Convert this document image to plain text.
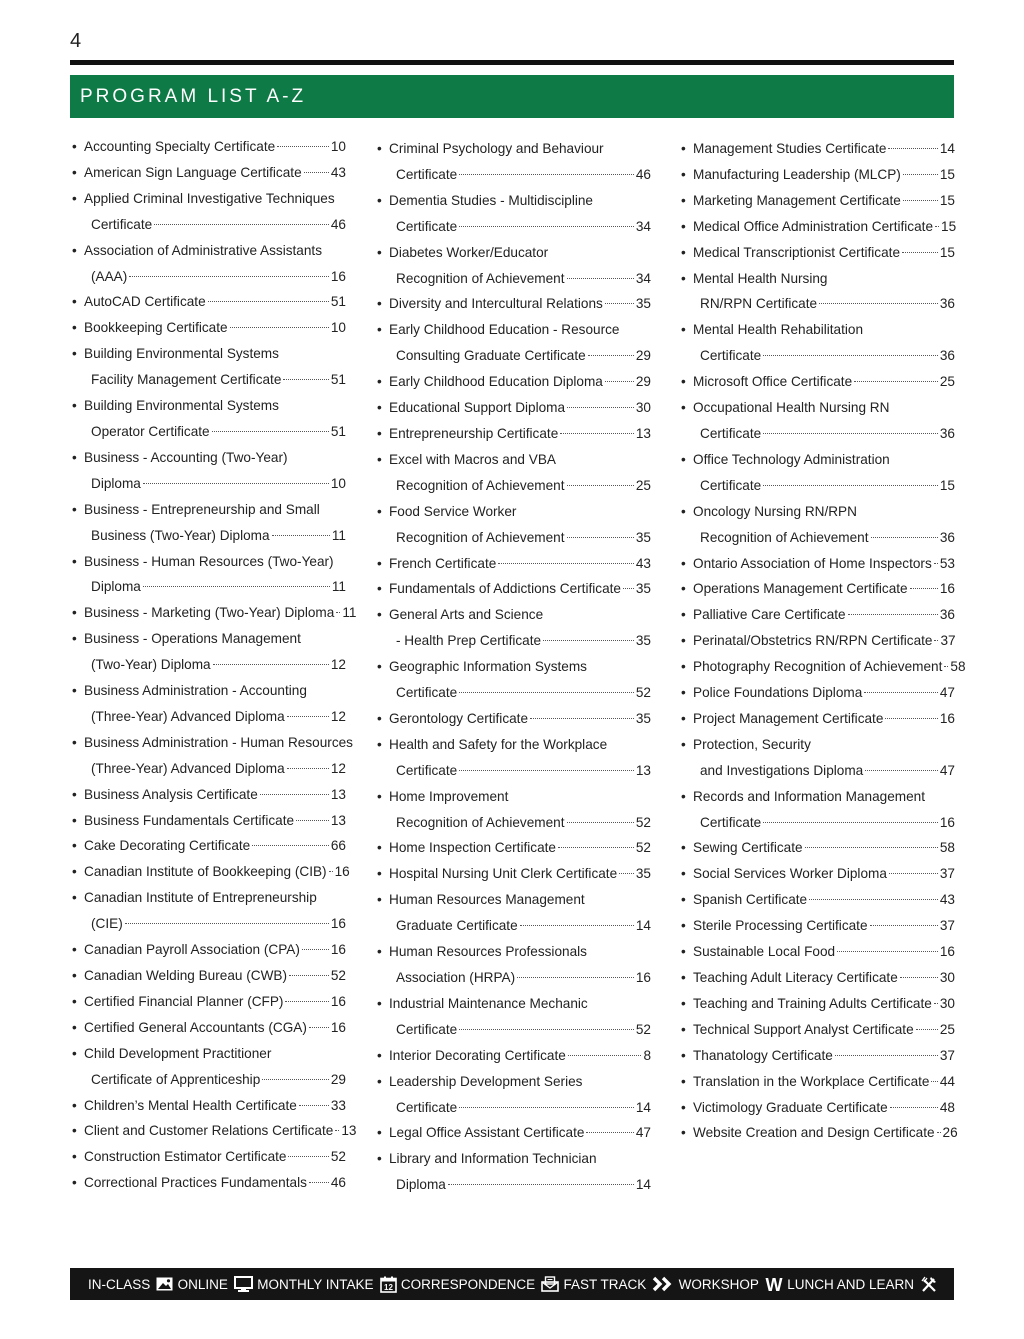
4
PROGRAM LIST A-Z
• Accounting Specialty Certificate	10
• American Sign Language Certificate 43
• Applied Criminal Investigative Techniques
Certificate	46
• Association of Administrative Assistants
(AAA)	16
• AutoCAD Certificate	51
• Bookkeeping Certificate	10
• Building Environmental Systems
Facility Management Certificate	51
• Building Environmental Systems
Operator Certificate	51
• Business - Accounting (Two-Year)
Diploma	10
• Business - Entrepreneurship and Small
Business (Two-Year) Diploma	11
• Business - Human Resources (Two-Year)
Diploma	11
• Business - Marketing (Two-Year) Diploma 11
• Business - Operations Management
(Two-Year) Diploma	12
• Business Administration - Accounting
(Three-Year) Advanced Diploma	12
• Business Administration - Human Resources
(Three-Year) Advanced Diploma	12
• Business Analysis Certificate	13
• Business Fundamentals Certificate	13
• Cake Decorating Certificate	66
• Canadian Institute of Bookkeeping (CIB) 16
• Canadian Institute of Entrepreneurship
(CIE)	16
• Canadian Payroll Association (CPA) 16
• Canadian Welding Bureau (CWB)	52
• Certified Financial Planner (CFP)	16
• Certified General Accountants (CGA) 16
• Child Development Practitioner
Certificate of Apprenticeship	29
• Children’s Mental Health Certificate	33
• Client and Customer Relations Certificate 13
• Construction Estimator Certificate	52
• Correctional Practices Fundamentals 46
• Criminal Psychology and Behaviour
Certificate	46
• Dementia Studies - Multidiscipline
Certificate	34
• Diabetes Worker/Educator
Recognition of Achievement	34
• Diversity and Intercultural Relations 35
• Early Childhood Education - Resource
Consulting Graduate Certificate	29
• Early Childhood Education Diploma 29
• Educational Support Diploma	30
• Entrepreneurship Certificate	13
• Excel with Macros and VBA
Recognition of Achievement	25
• Food Service Worker
Recognition of Achievement	35
• French Certificate	43
• Fundamentals of Addictions Certificate 35
• General Arts and Science
- Health Prep Certificate	35
• Geographic Information Systems
Certificate	52
• Gerontology Certificate	35
• Health and Safety for the Workplace
Certificate	13
• Home Improvement
Recognition of Achievement	52
• Home Inspection Certificate	52
• Hospital Nursing Unit Clerk Certificate 35
• Human Resources Management
Graduate Certificate	14
• Human Resources Professionals
Association (HRPA)	16
• Industrial Maintenance Mechanic
Certificate	52
• Interior Decorating Certificate	8
• Leadership Development Series
Certificate	14
• Legal Office Assistant Certificate	47
• Library and Information Technician
Diploma	14
• Management Studies Certificate	14
• Manufacturing Leadership (MLCP)	15
• Marketing Management Certificate	15
• Medical Office Administration Certificate 15
• Medical Transcriptionist Certificate	15
• Mental Health Nursing
RN/RPN Certificate	36
• Mental Health Rehabilitation
Certificate	36
• Microsoft Office Certificate	25
• Occupational Health Nursing RN
Certificate	36
• Office Technology Administration
Certificate	15
• Oncology Nursing RN/RPN
Recognition of Achievement	36
• Ontario Association of Home Inspectors 53
• Operations Management Certificate 16
• Palliative Care Certificate	36
• Perinatal/Obstetrics RN/RPN Certificate 37
• Photography Recognition of Achievement 58
• Police Foundations Diploma	47
• Project Management Certificate	16
• Protection, Security
and Investigations Diploma	47
• Records and Information Management
Certificate	16
• Sewing Certificate	58
• Social Services Worker Diploma	37
• Spanish Certificate	43
• Sterile Processing Certificate	37
• Sustainable Local Food	16
• Teaching Adult Literacy Certificate	30
• Teaching and Training Adults Certificate 30
• Technical Support Analyst Certificate 25
• Thanatology Certificate	37
• Translation in the Workplace Certificate 44
• Victimology Graduate Certificate	48
• Website Creation and Design Certificate 26
IN-CLASS ONLINE MONTHLY INTAKE 12 CORRESPONDENCE FAST TRACK WORKSHOP W LUNCH AND LEARN
